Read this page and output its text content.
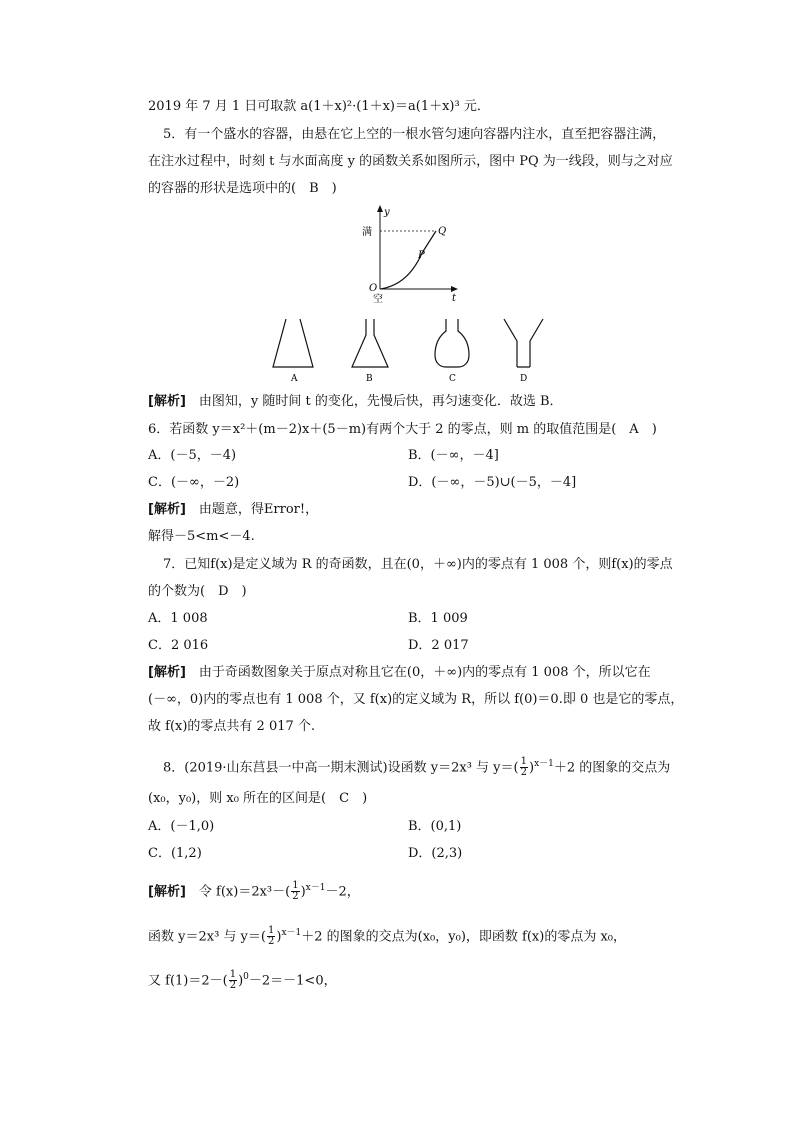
2019 年 7 月 1 日可取款 a(1＋x)²·(1＋x)＝a(1＋x)³ 元．
5．有一个盛水的容器，由悬在它上空的一根水管匀速向容器内注水，直至把容器注满，
在注水过程中，时刻 t 与水面高度 y 的函数关系如图所示，图中 PQ 为一线段，则与之对应
的容器的形状是选项中的(　B　)
y
满	Q
P
O
空	t
A	B	C	D
[解析]　 由图知，y 随时间 t 的变化，先慢后快，再匀速变化．故选 B．
6．若函数 y＝x²＋(m－2)x＋(5－m)有两个大于 2 的零点，则 m 的取值范围是(　A　)
A．(－5，－4)	B．(－∞，－4]
C．(－∞，－2)	D．(－∞，－5)∪(－5，－4]
[解析]　 由题意，得Error!，
解得－5<m<－4.
7．已知f(x)是定义域为 R 的奇函数，且在(0，＋∞)内的零点有 1 008 个，则f(x)的零点
的个数为(　D　)
A．1 008	B．1 009
C．2 016	D．2 017
[解析]　 由于奇函数图象关于原点对称且它在(0，＋∞)内的零点有 1 008 个，所以它在
(－∞，0)内的零点也有 1 008 个，又 f(x)的定义域为 R，所以 f(0)＝0.即 0 也是它的零点，
故 f(x)的零点共有 2 017 个.
8．(2019·山东莒县一中高一期末测试)设函数 y＝2x³ 与 $y=( \frac{1}{2} )^{x-1}+2$ 的图象的交点为
(x₀，y₀)，则 x₀ 所在的区间是(　C　)
A．(－1,0)	B．(0,1)
C．(1,2)	D．(2,3)
[解析]　 令 $f(x)=2x^3-( \frac{1}{2} )^{x-1}-2$，
函数 y＝2x³ 与 $y=( \frac{1}{2} )^{x-1}+2$ 的图象的交点为(x₀，y₀)，即函数 f(x)的零点为 x₀，
又 $f(1)=2-( \frac{1}{2} )^0-2=-1<0$，
